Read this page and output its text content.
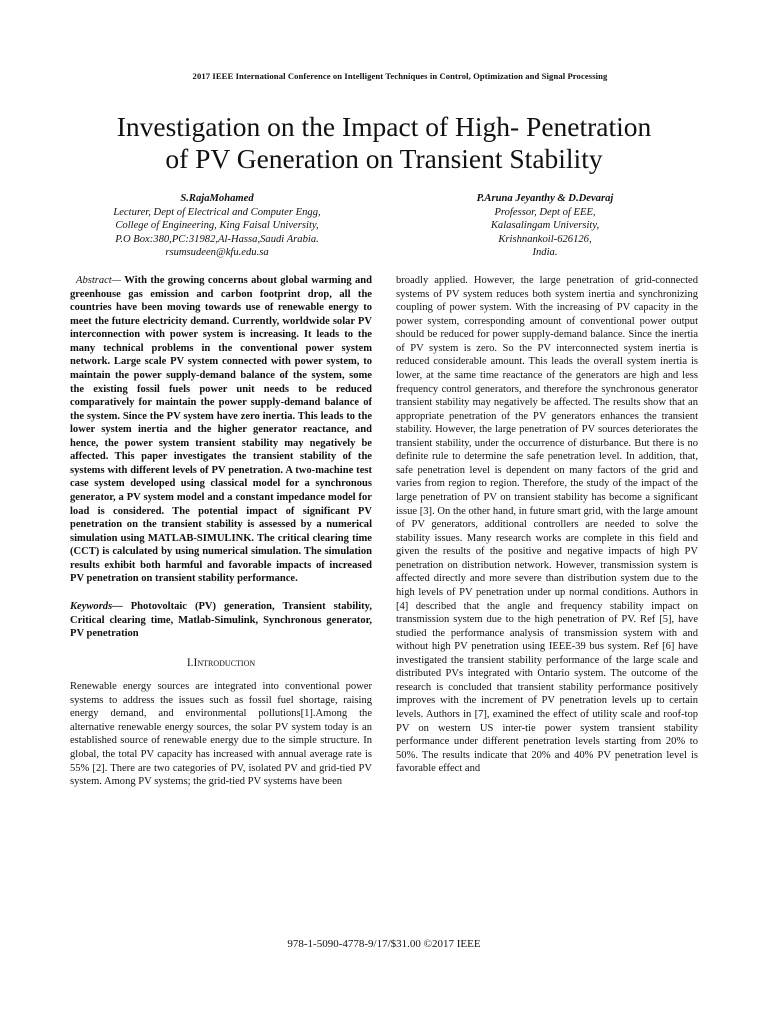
2017 IEEE International Conference on Intelligent Techniques in Control, Optimization and Signal Processing
Investigation on the Impact of High- Penetration
of PV Generation on Transient Stability
S.RajaMohamed
Lecturer, Dept of Electrical and Computer Engg,
College of Engineering, King Faisal University,
P.O Box:380,PC:31982,Al-Hassa,Saudi Arabia.
rsumsudeen@kfu.edu.sa
P.Aruna Jeyanthy & D.Devaraj
Professor, Dept of EEE,
Kalasalingam University,
Krishnankoil-626126,
India.

Abstract— With the growing concerns about global warming and greenhouse gas emission and carbon footprint drop, all the countries have been moving towards use of renewable energy to meet the future electricity demand. Currently, worldwide solar PV interconnection with power system is increasing. It leads to the many technical problems in the conventional power system network. Large scale PV system connected with power system, to maintain the power supply-demand balance of the system, some the existing fossil fuels power unit needs to be reduced comparatively for maintain the power supply-demand balance of the system. Since the PV system have zero inertia. This leads to the lower system inertia and the higher generator reactance, and hence, the power system transient stability may negatively be affected. This paper investigates the transient stability of the systems with different levels of PV penetration. A two-machine test case system developed using classical model for a synchronous generator, a PV system model and a constant impedance model for load is considered. The potential impact of significant PV penetration on the transient stability is assessed by a numerical simulation using MATLAB-SIMULINK. The critical clearing time (CCT) is calculated by using numerical simulation. The simulation results exhibit both harmful and favorable impacts of increased PV penetration on transient stability performance.

Keywords— Photovoltaic (PV) generation, Transient stability, Critical clearing time, Matlab-Simulink, Synchronous generator, PV penetration

I.Introduction

Renewable energy sources are integrated into conventional power systems to address the issues such as fossil fuel shortage, raising energy demand, and environmental pollutions[1].Among the alternative renewable energy sources, the solar PV system today is an established source of renewable energy due to the simple structure. In global, the total PV capacity has increased with annual average rate is 55% [2]. There are two categories of PV, isolated PV and grid-tied PV system. Among PV systems; the grid-tied PV systems have been

broadly applied. However, the large penetration of grid-connected systems of PV system reduces both system inertia and synchronizing coupling of power system. With the increasing of PV capacity in the power system, corresponding amount of conventional power output should be reduced for power supply-demand balance. Since the inertia of PV system is zero. So the PV interconnected system inertia is reduced considerable amount. This leads the overall system inertia is lower, at the same time reactance of the generators are high and less frequency control generators, and therefore the synchronous generator transient stability may negatively be affected. The results show that an appropriate penetration of the PV generators enhances the transient stability. However, the large penetration of PV sources deteriorates the transient stability, under the occurrence of disturbance. But there is no definite rule to determine the safe penetration level. In addition, that, safe penetration level is dependent on many factors of the grid and varies from region to region. Therefore, the study of the impact of the large penetration of PV on transient stability has become a significant issue [3]. On the other hand, in future smart grid, with the large amount of PV generators, additional controllers are needed to solve the stability issues. Many research works are complete in this field and given the results of the positive and negative impacts of high PV penetration on distribution network. However, transmission system is affected directly and more severe than distribution system due to the high levels of PV penetration under up normal conditions. Authors in [4] described that the angle and frequency stability impact on transmission system due to the high penetration of PV. Ref [5], have studied the performance analysis of transmission system with and without high PV penetration using IEEE-39 bus system. Ref [6] have investigated the transient stability performance of the large scale and distributed PVs integrated with Ontario system. The outcome of the research is concluded that transient stability performance positively improves with the increment of PV penetration levels up to certain levels. Authors in [7], examined the effect of utility scale and roof-top PV on western US inter-tie power system transient stability performance under different penetration levels starting from 20% to 50%. The results indicate that 20% and 40% PV penetration level is favorable effect and

978-1-5090-4778-9/17/$31.00 ©2017 IEEE
